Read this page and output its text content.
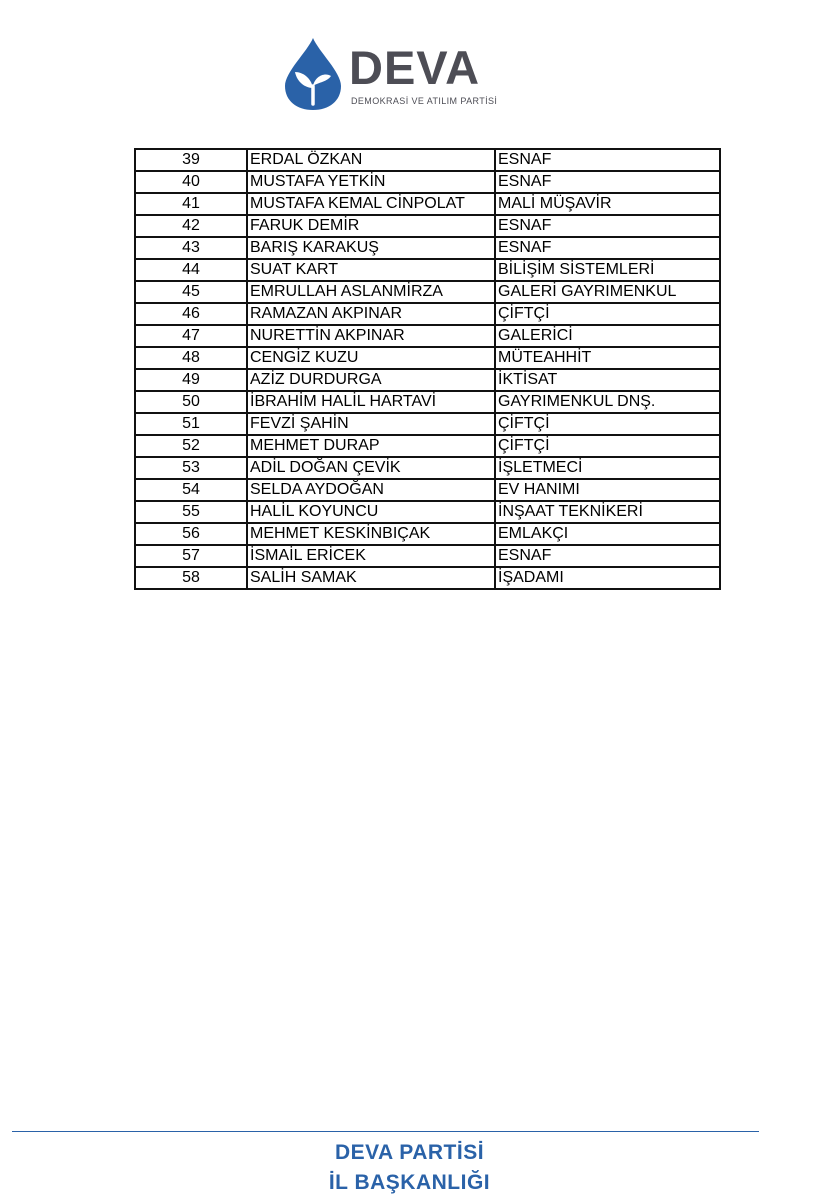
DEVA
DEMOKRASİ VE ATILIM PARTİSİ
39	ERDAL ÖZKAN	ESNAF
40	MUSTAFA YETKİN	ESNAF
41	MUSTAFA KEMAL CİNPOLAT	MALİ MÜŞAVİR
42	FARUK DEMİR	ESNAF
43	BARIŞ KARAKUŞ	ESNAF
44	SUAT KART	BİLİŞİM SİSTEMLERİ
45	EMRULLAH ASLANMİRZA	GALERİ GAYRIMENKUL
46	RAMAZAN AKPINAR	ÇİFTÇİ
47	NURETTİN AKPINAR	GALERİCİ
48	CENGİZ KUZU	MÜTEAHHİT
49	AZİZ DURDURGA	İKTİSAT
50	İBRAHİM HALİL HARTAVİ	GAYRIMENKUL DNŞ.
51	FEVZİ ŞAHİN	ÇİFTÇİ
52	MEHMET DURAP	ÇİFTÇİ
53	ADİL DOĞAN ÇEVİK	İŞLETMECİ
54	SELDA AYDOĞAN	EV HANIMI
55	HALİL KOYUNCU	İNŞAAT TEKNİKERİ
56	MEHMET KESKİNBIÇAK	EMLAKÇI
57	İSMAİL ERİCEK	ESNAF
58	SALİH SAMAK	İŞADAMI
DEVA PARTİSİ
İL BAŞKANLIĞI
